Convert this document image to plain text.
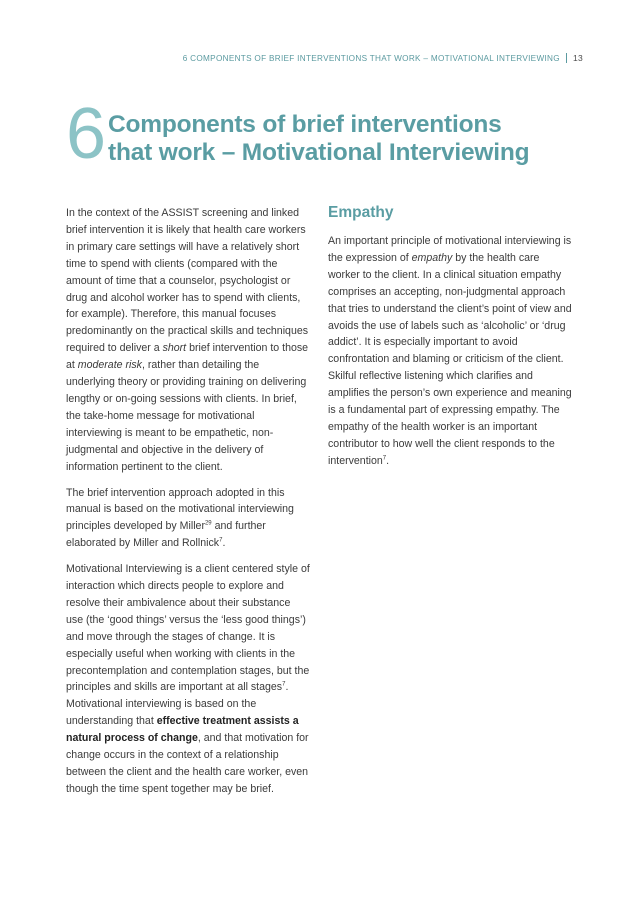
6 COMPONENTS OF BRIEF INTERVENTIONS THAT WORK – MOTIVATIONAL INTERVIEWING 13
6 Components of brief interventions
that work – Motivational Interviewing

In the context of the ASSIST screening and linked brief intervention it is likely that health care workers in primary care settings will have a relatively short time to spend with clients (compared with the amount of time that a counselor, psychologist or drug and alcohol worker has to spend with clients, for example). Therefore, this manual focuses predominantly on the practical skills and techniques required to deliver a short brief intervention to those at moderate risk, rather than detailing the underlying theory or providing training on delivering lengthy or on-going sessions with clients. In brief, the take-home message for motivational interviewing is meant to be empathetic, non-judgmental and objective in the delivery of information pertinent to the client.

The brief intervention approach adopted in this manual is based on the motivational interviewing principles developed by Miller$^{29}$ and further elaborated by Miller and Rollnick$^7$.

Motivational Interviewing is a client centered style of interaction which directs people to explore and resolve their ambivalence about their substance use (the ‘good things’ versus the ‘less good things’) and move through the stages of change. It is especially useful when working with clients in the precontemplation and contemplation stages, but the principles and skills are important at all stages$^7$. Motivational interviewing is based on the understanding that effective treatment assists a natural process of change, and that motivation for change occurs in the context of a relationship between the client and the health care worker, even though the time spent together may be brief.

Empathy

An important principle of motivational interviewing is the expression of empathy by the health care worker to the client. In a clinical situation empathy comprises an accepting, non-judgmental approach that tries to understand the client’s point of view and avoids the use of labels such as ‘alcoholic’ or ‘drug addict’. It is especially important to avoid confrontation and blaming or criticism of the client. Skilful reflective listening which clarifies and amplifies the person’s own experience and meaning is a fundamental part of expressing empathy. The empathy of the health worker is an important contributor to how well the client responds to the intervention$^7$.
